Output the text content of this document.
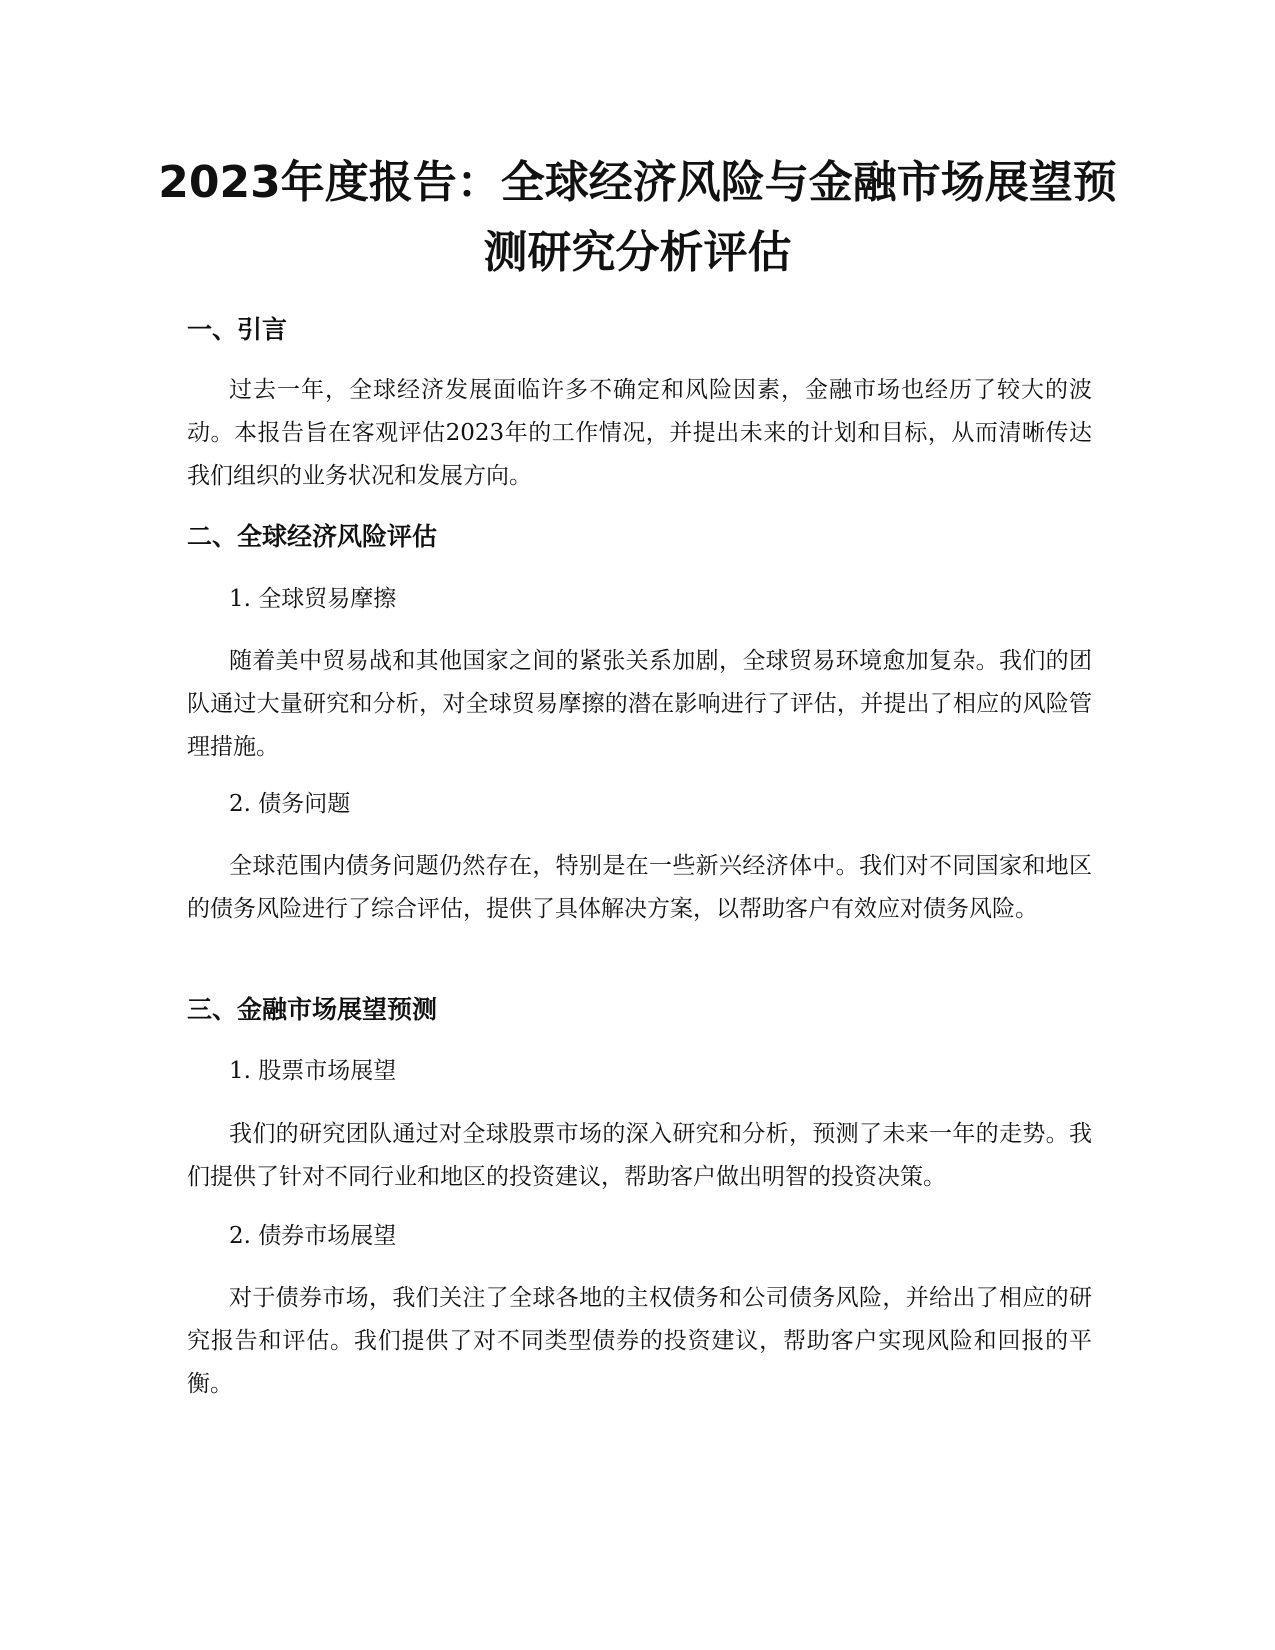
2023年度报告：全球经济风险与金融市场展望预测研究分析评估
一、引言

过去一年，全球经济发展面临许多不确定和风险因素，金融市场也经历了较大的波动。本报告旨在客观评估2023年的工作情况，并提出未来的计划和目标，从而清晰传达我们组织的业务状况和发展方向。

二、全球经济风险评估

1. 全球贸易摩擦

随着美中贸易战和其他国家之间的紧张关系加剧，全球贸易环境愈加复杂。我们的团队通过大量研究和分析，对全球贸易摩擦的潜在影响进行了评估，并提出了相应的风险管理措施。

2. 债务问题

全球范围内债务问题仍然存在，特别是在一些新兴经济体中。我们对不同国家和地区的债务风险进行了综合评估，提供了具体解决方案，以帮助客户有效应对债务风险。

三、金融市场展望预测

1. 股票市场展望

我们的研究团队通过对全球股票市场的深入研究和分析，预测了未来一年的走势。我们提供了针对不同行业和地区的投资建议，帮助客户做出明智的投资决策。

2. 债券市场展望

对于债券市场，我们关注了全球各地的主权债务和公司债务风险，并给出了相应的研究报告和评估。我们提供了对不同类型债券的投资建议，帮助客户实现风险和回报的平衡。
